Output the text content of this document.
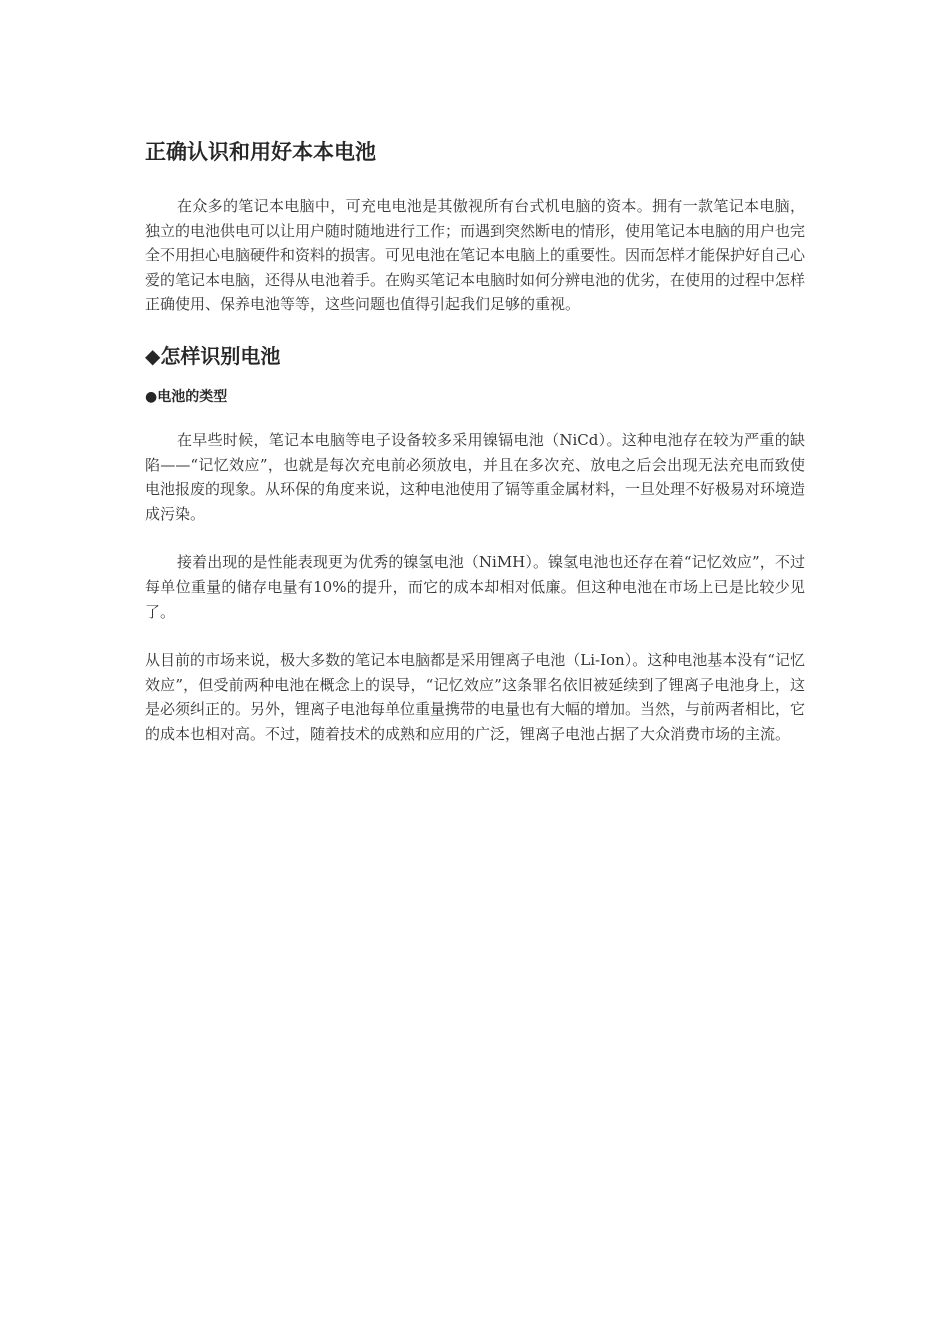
正确认识和用好本本电池

在众多的笔记本电脑中，可充电电池是其傲视所有台式机电脑的资本。拥有一款笔记本电脑，独立的电池供电可以让用户随时随地进行工作；而遇到突然断电的情形，使用笔记本电脑的用户也完全不用担心电脑硬件和资料的损害。可见电池在笔记本电脑上的重要性。因而怎样才能保护好自己心爱的笔记本电脑，还得从电池着手。在购买笔记本电脑时如何分辨电池的优劣，在使用的过程中怎样正确使用、保养电池等等，这些问题也值得引起我们足够的重视。

◆怎样识别电池
●电池的类型

在早些时候，笔记本电脑等电子设备较多采用镍镉电池（NiCd）。这种电池存在较为严重的缺陷——“记忆效应”，也就是每次充电前必须放电，并且在多次充、放电之后会出现无法充电而致使电池报废的现象。从环保的角度来说，这种电池使用了镉等重金属材料，一旦处理不好极易对环境造成污染。

接着出现的是性能表现更为优秀的镍氢电池（NiMH）。镍氢电池也还存在着“记忆效应”，不过每单位重量的储存电量有10%的提升，而它的成本却相对低廉。但这种电池在市场上已是比较少见了。

从目前的市场来说，极大多数的笔记本电脑都是采用锂离子电池（Li-Ion）。这种电池基本没有“记忆效应”，但受前两种电池在概念上的误导，“记忆效应”这条罪名依旧被延续到了锂离子电池身上，这是必须纠正的。另外，锂离子电池每单位重量携带的电量也有大幅的增加。当然，与前两者相比，它的成本也相对高。不过，随着技术的成熟和应用的广泛，锂离子电池占据了大众消费市场的主流。
